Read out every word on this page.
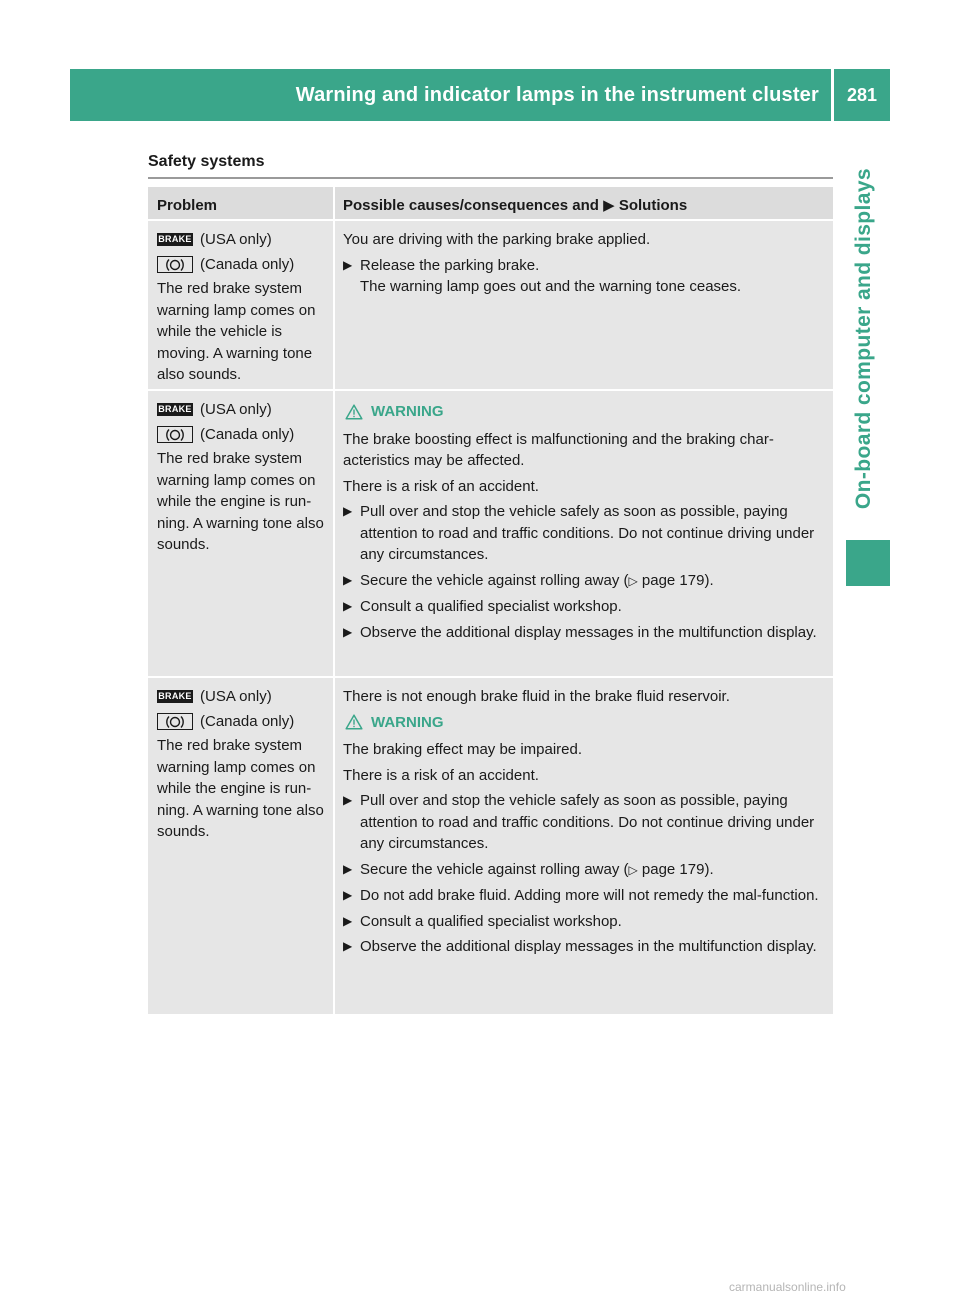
Warning and indicator lamps in the instrument cluster	281
On-board computer and displays
Safety systems
Problem	Possible causes/consequences and ▶ Solutions
BRAKE (USA only)
(Canada only)
The red brake system warning lamp comes on while the vehicle is moving. A warning tone also sounds.
You are driving with the parking brake applied.
▶ Release the parking brake.
The warning lamp goes out and the warning tone ceases.
BRAKE (USA only)
(Canada only)
The red brake system warning lamp comes on while the engine is run-ning. A warning tone also sounds.
WARNING
The brake boosting effect is malfunctioning and the braking char-acteristics may be affected.
There is a risk of an accident.
▶ Pull over and stop the vehicle safely as soon as possible, paying attention to road and traffic conditions. Do not continue driving under any circumstances.
▶ Secure the vehicle against rolling away (▷ page 179).
▶ Consult a qualified specialist workshop.
▶ Observe the additional display messages in the multifunction display.
BRAKE (USA only)
(Canada only)
The red brake system warning lamp comes on while the engine is run-ning. A warning tone also sounds.
There is not enough brake fluid in the brake fluid reservoir.
WARNING
The braking effect may be impaired.
There is a risk of an accident.
▶ Pull over and stop the vehicle safely as soon as possible, paying attention to road and traffic conditions. Do not continue driving under any circumstances.
▶ Secure the vehicle against rolling away (▷ page 179).
▶ Do not add brake fluid. Adding more will not remedy the mal-function.
▶ Consult a qualified specialist workshop.
▶ Observe the additional display messages in the multifunction display.
carmanualsonline.info
